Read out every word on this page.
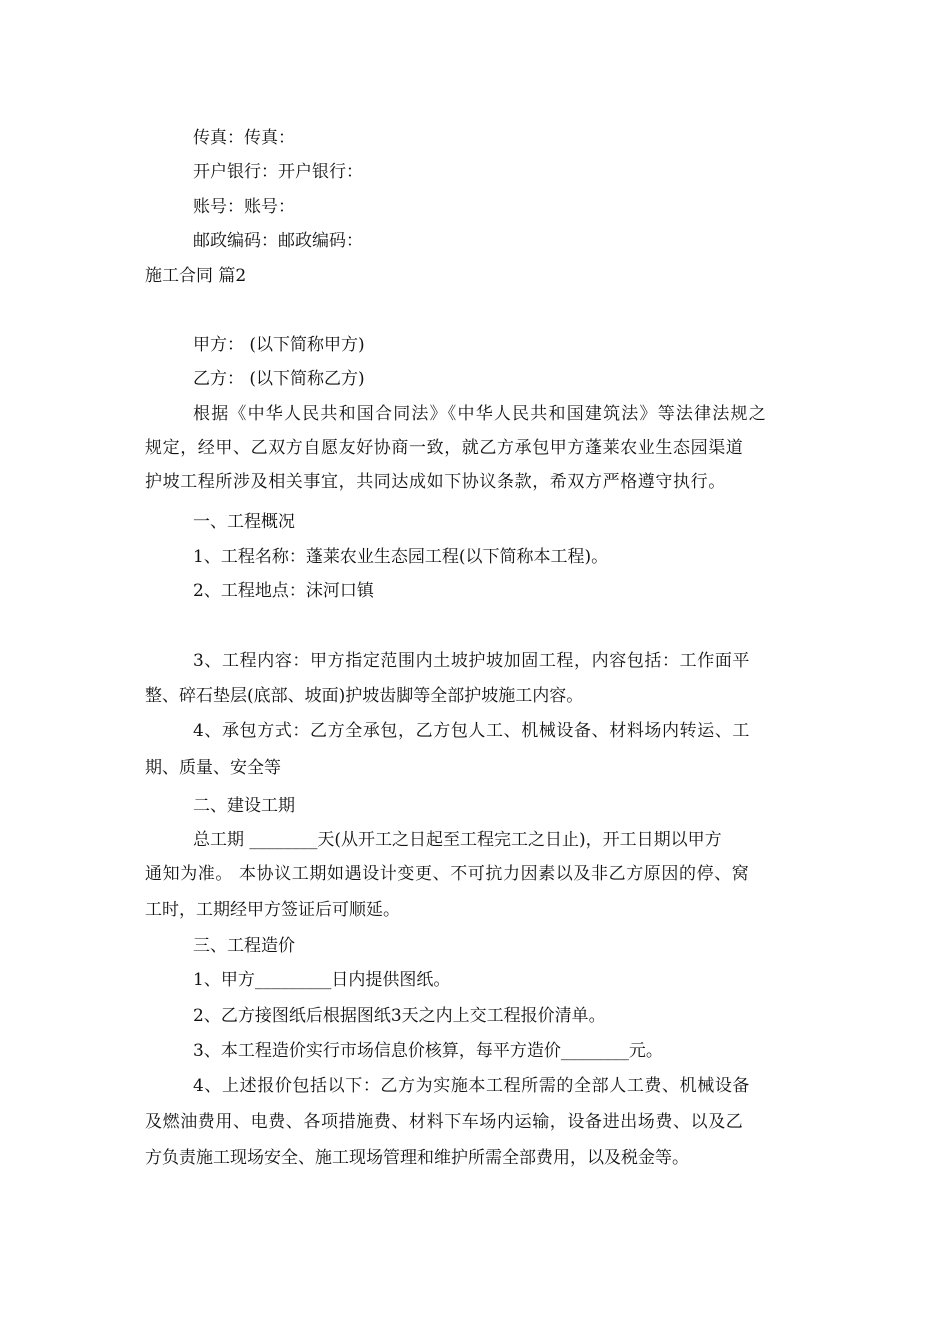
传真：传真：
开户银行：开户银行：
账号：账号：
邮政编码：邮政编码：
施工合同 篇2
甲方： (以下简称甲方)
乙方： (以下简称乙方)
根据《中华人民共和国合同法》《中华人民共和国建筑法》等法律法规之
规定，经甲、乙双方自愿友好协商一致，就乙方承包甲方蓬莱农业生态园渠道
护坡工程所涉及相关事宜，共同达成如下协议条款，希双方严格遵守执行。
一、工程概况
1、工程名称：蓬莱农业生态园工程(以下简称本工程)。
2、工程地点：沫河口镇
3、工程内容：甲方指定范围内土坡护坡加固工程，内容包括：工作面平
整、碎石垫层(底部、坡面)护坡齿脚等全部护坡施工内容。
4、承包方式：乙方全承包，乙方包人工、机械设备、材料场内转运、工
期、质量、安全等
二、建设工期
总工期 ________天(从开工之日起至工程完工之日止)，开工日期以甲方
通知为准。 本协议工期如遇设计变更、不可抗力因素以及非乙方原因的停、窝
工时，工期经甲方签证后可顺延。
三、工程造价
1、甲方_________日内提供图纸。
2、乙方接图纸后根据图纸3天之内上交工程报价清单。
3、本工程造价实行市场信息价核算，每平方造价________元。
4、上述报价包括以下：乙方为实施本工程所需的全部人工费、机械设备
及燃油费用、电费、各项措施费、材料下车场内运输，设备进出场费、以及乙
方负责施工现场安全、施工现场管理和维护所需全部费用，以及税金等。
